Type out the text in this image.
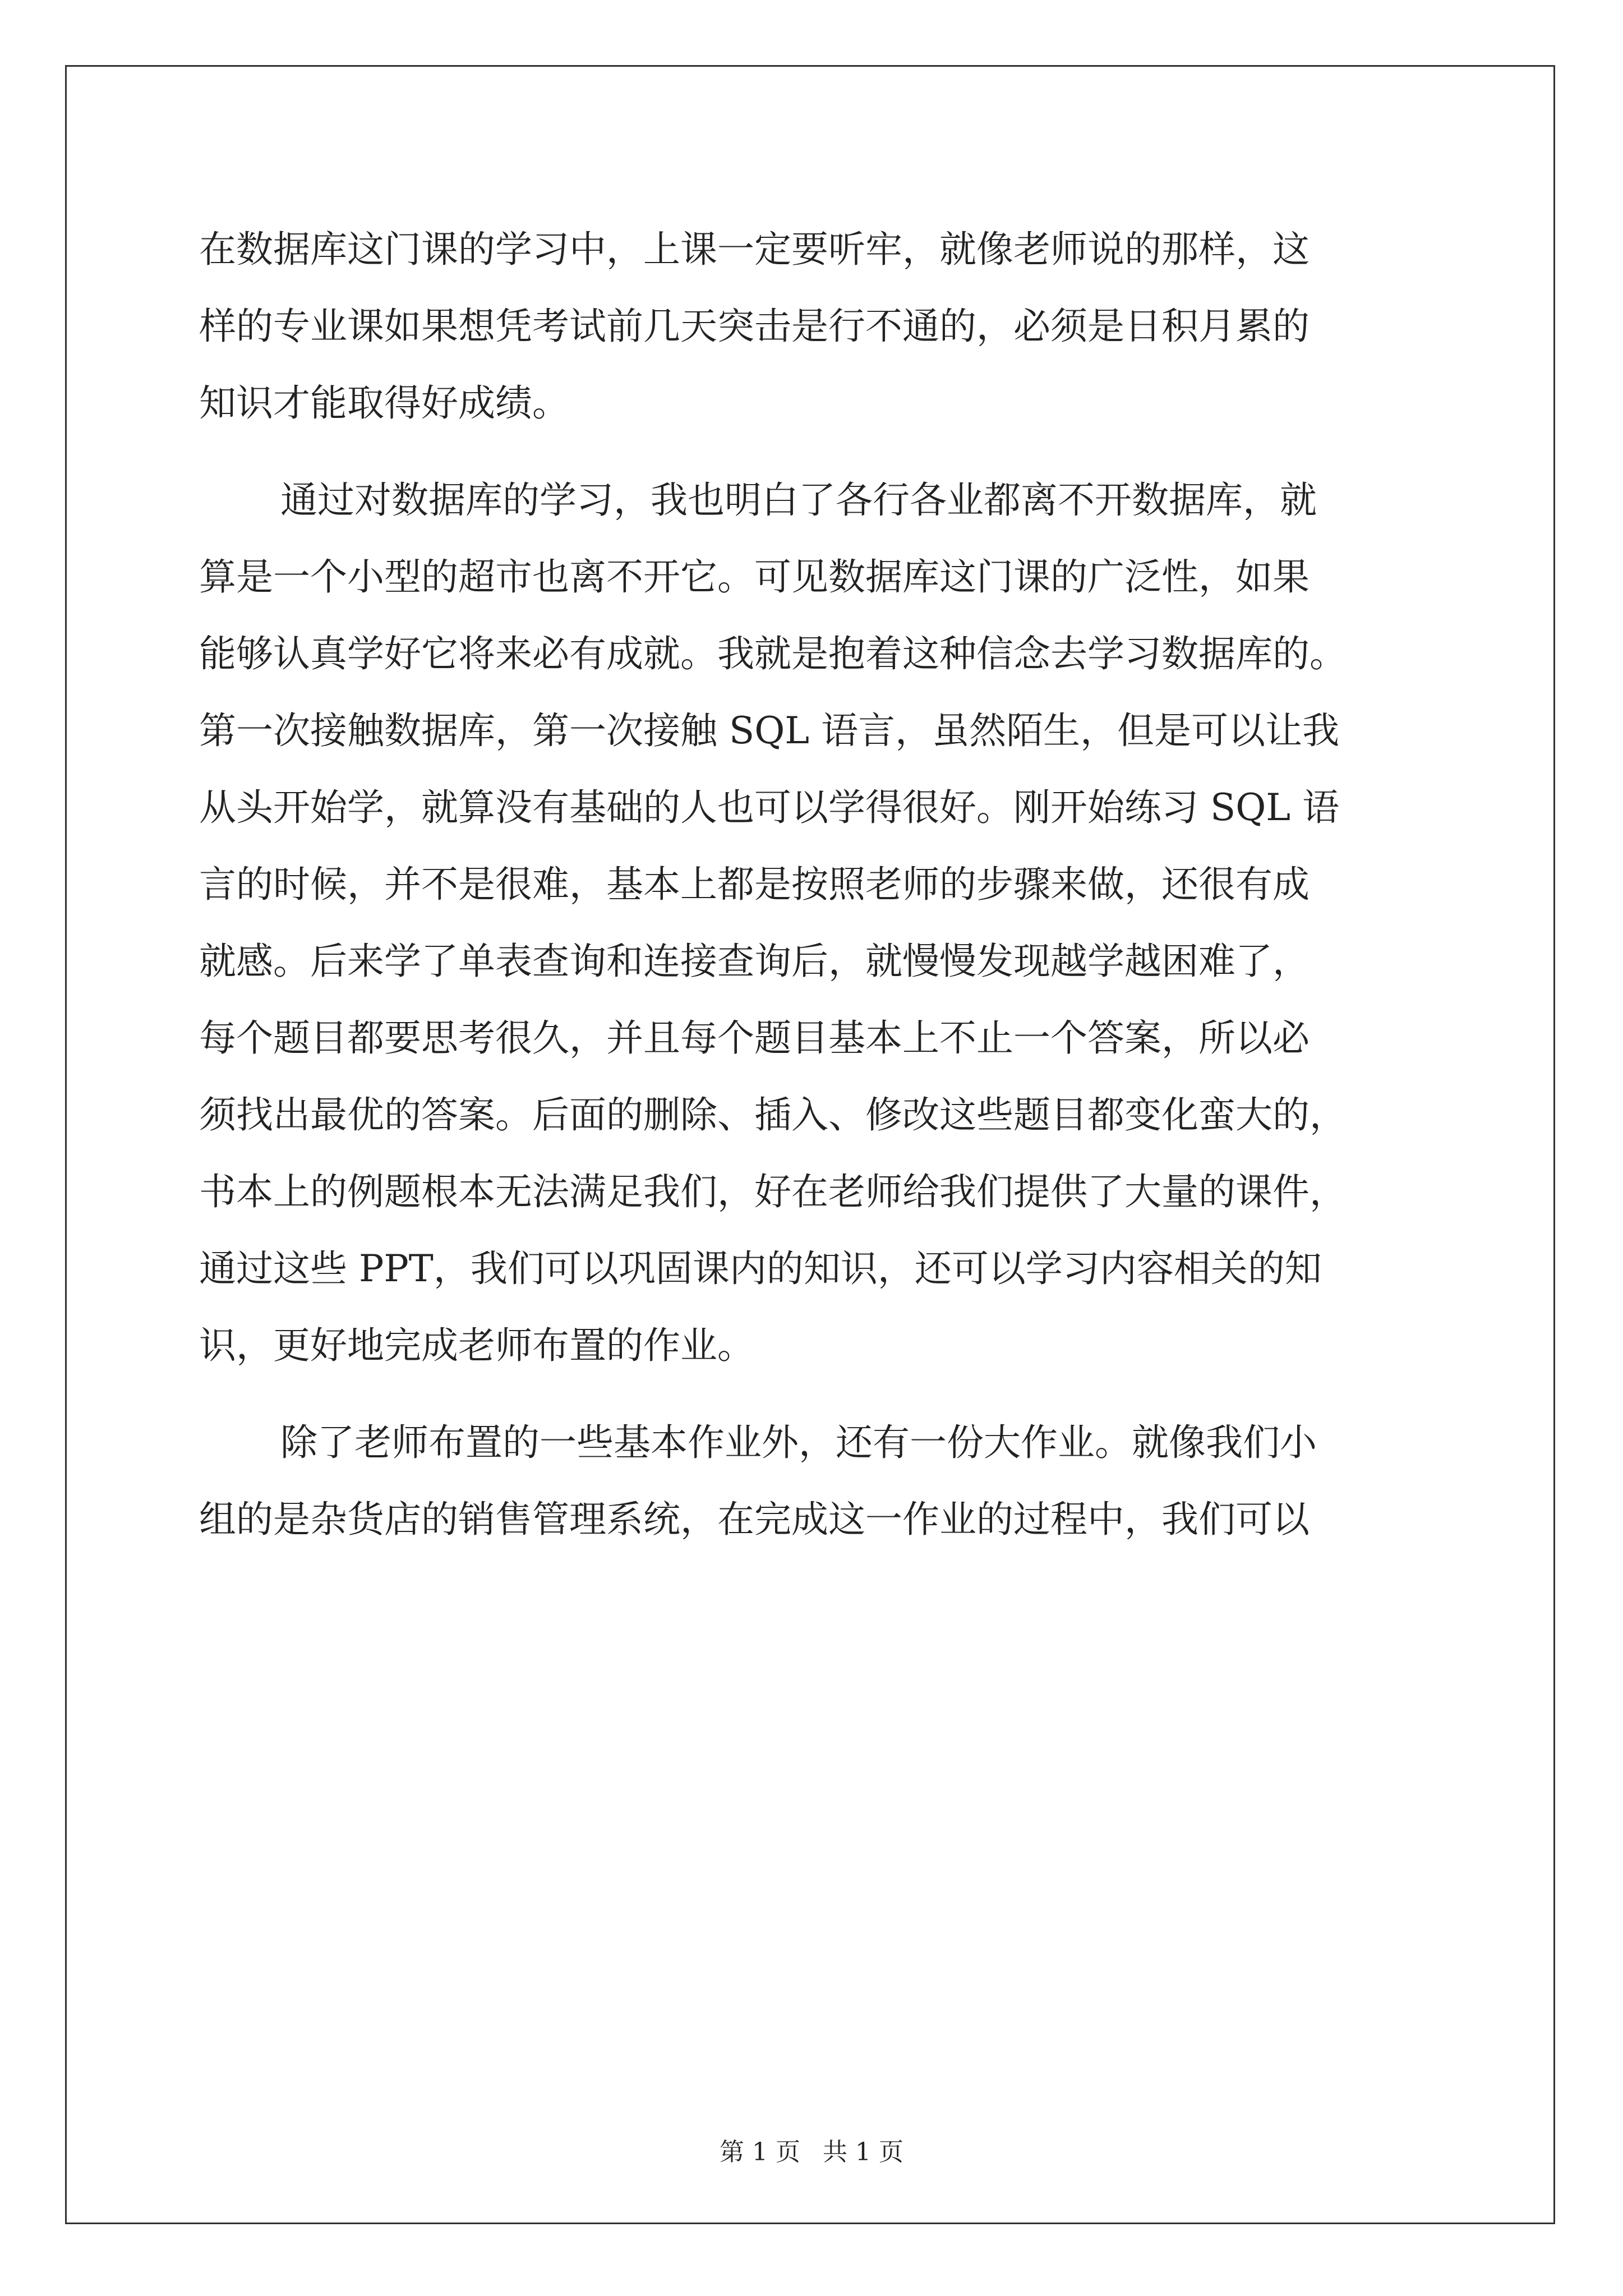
在数据库这门课的学习中，上课一定要听牢，就像老师说的那样，这
样的专业课如果想凭考试前几天突击是行不通的，必须是日积月累的
知识才能取得好成绩。
通过对数据库的学习，我也明白了各行各业都离不开数据库，就
算是一个小型的超市也离不开它。可见数据库这门课的广泛性，如果
能够认真学好它将来必有成就。我就是抱着这种信念去学习数据库的。
第一次接触数据库，第一次接触 SQL 语言，虽然陌生，但是可以让我
从头开始学，就算没有基础的人也可以学得很好。刚开始练习 SQL 语
言的时候，并不是很难，基本上都是按照老师的步骤来做，还很有成
就感。后来学了单表查询和连接查询后，就慢慢发现越学越困难了，
每个题目都要思考很久，并且每个题目基本上不止一个答案，所以必
须找出最优的答案。后面的删除、插入、修改这些题目都变化蛮大的，
书本上的例题根本无法满足我们，好在老师给我们提供了大量的课件，
通过这些 PPT，我们可以巩固课内的知识，还可以学习内容相关的知
识，更好地完成老师布置的作业。
除了老师布置的一些基本作业外，还有一份大作业。就像我们小
组的是杂货店的销售管理系统，在完成这一作业的过程中，我们可以
第 1 页 共 1 页
